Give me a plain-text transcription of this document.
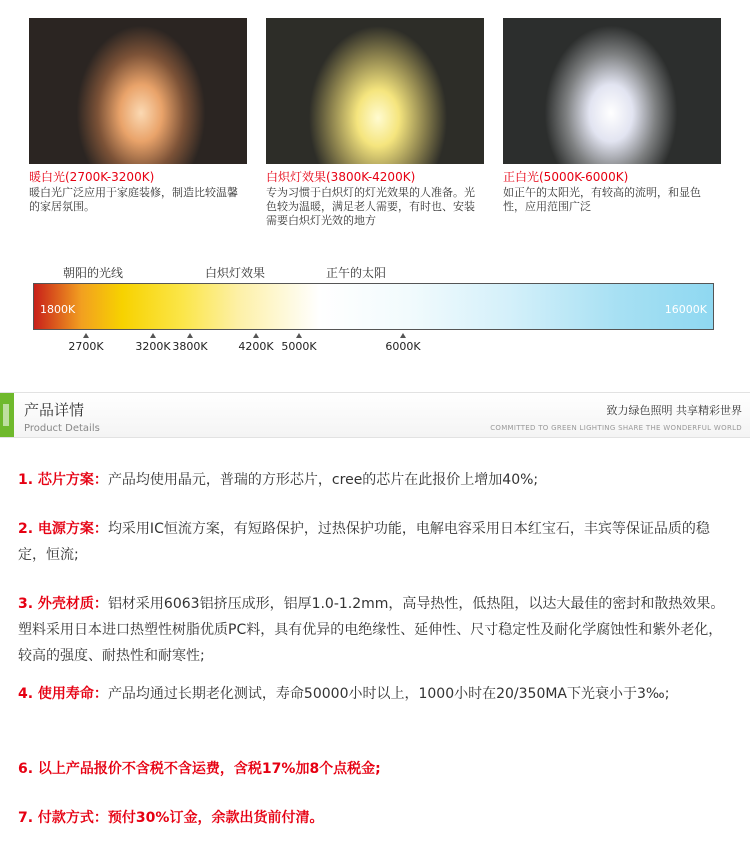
暖白光(2700K-3200K)
暖白光广泛应用于家庭装修，制造比较温馨的家居氛围。
白炽灯效果(3800K-4200K)
专为习惯于白炽灯的灯光效果的人准备。光色较为温暖，满足老人需要，有时也、安装需要白炽灯光效的地方
正白光(5000K-6000K)
如正午的太阳光，有较高的流明，和显色性，应用范围广泛
朝阳的光线	白炽灯效果	正午的太阳
1800K	16000K
2700K	3200K 3800K	4200K 5000K	6000K
产品详情
Product Details
致力绿色照明 共享精彩世界
COMMITTED TO GREEN LIGHTING SHARE THE WONDERFUL WORLD
1. 芯片方案：产品均使用晶元，普瑞的方形芯片，cree的芯片在此报价上增加40%;
2. 电源方案：均采用IC恒流方案，有短路保护，过热保护功能，电解电容采用日本红宝石，丰宾等保证品质的稳定，恒流;
3. 外壳材质：铝材采用6063铝挤压成形，铝厚1.0-1.2mm，高导热性，低热阻，以达大最佳的密封和散热效果。塑料采用日本进口热塑性树脂优质PC料，具有优异的电绝缘性、延伸性、尺寸稳定性及耐化学腐蚀性和紫外老化，较高的强度、耐热性和耐寒性;
4. 使用寿命：产品均通过长期老化测试，寿命50000小时以上，1000小时在20/350MA下光衰小于3‰;
6. 以上产品报价不含税不含运费，含税17%加8个点税金;
7. 付款方式：预付30%订金，余款出货前付清。
